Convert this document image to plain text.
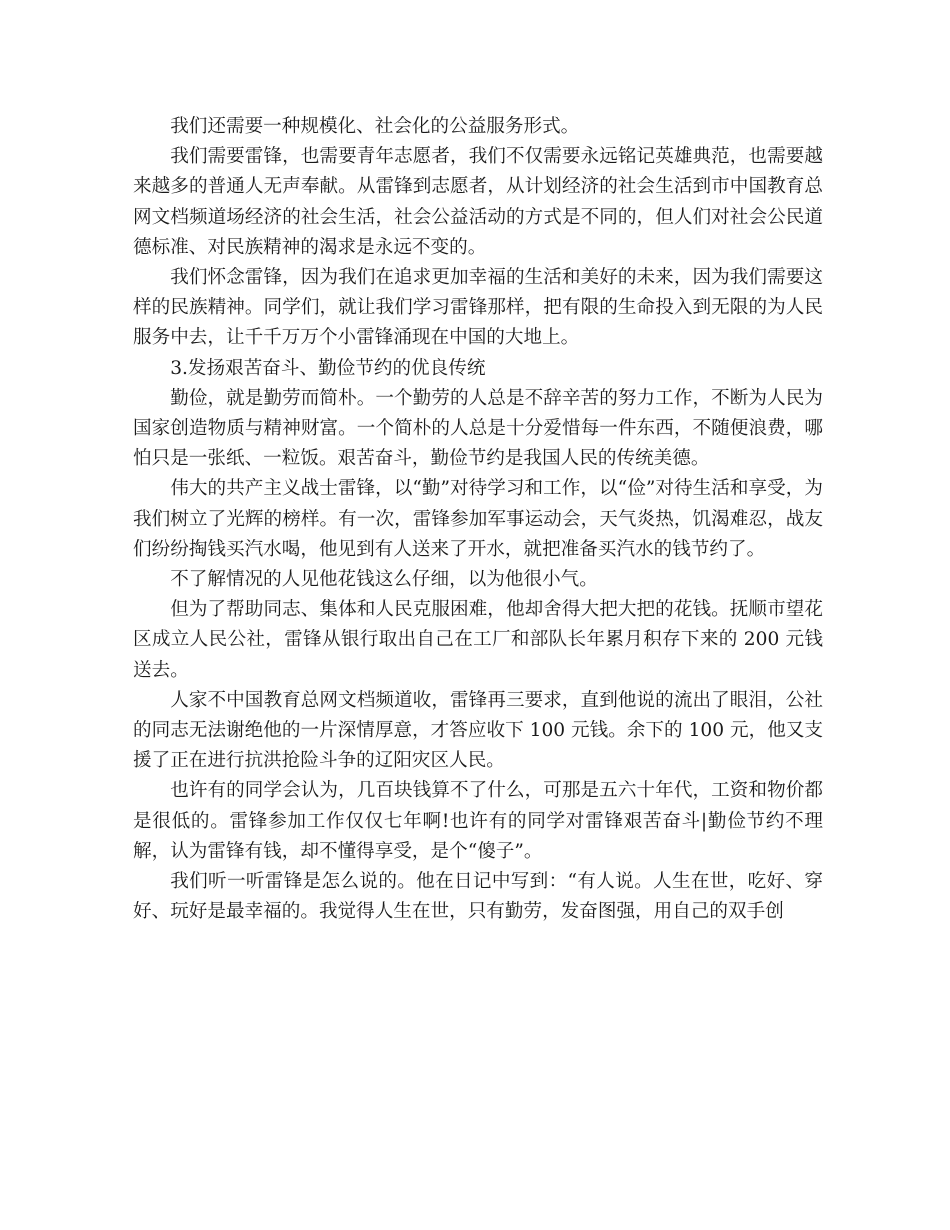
我们还需要一种规模化、社会化的公益服务形式。

我们需要雷锋，也需要青年志愿者，我们不仅需要永远铭记英雄典范，也需要越来越多的普通人无声奉献。从雷锋到志愿者，从计划经济的社会生活到市中国教育总网文档频道场经济的社会生活，社会公益活动的方式是不同的，但人们对社会公民道德标准、对民族精神的渴求是永远不变的。

我们怀念雷锋，因为我们在追求更加幸福的生活和美好的未来，因为我们需要这样的民族精神。同学们，就让我们学习雷锋那样，把有限的生命投入到无限的为人民服务中去，让千千万万个小雷锋涌现在中国的大地上。

3.发扬艰苦奋斗、勤俭节约的优良传统

勤俭，就是勤劳而简朴。一个勤劳的人总是不辞辛苦的努力工作，不断为人民为国家创造物质与精神财富。一个简朴的人总是十分爱惜每一件东西，不随便浪费，哪怕只是一张纸、一粒饭。艰苦奋斗，勤俭节约是我国人民的传统美德。

伟大的共产主义战士雷锋，以“勤”对待学习和工作，以“俭”对待生活和享受，为我们树立了光辉的榜样。有一次，雷锋参加军事运动会，天气炎热，饥渴难忍，战友们纷纷掏钱买汽水喝，他见到有人送来了开水，就把准备买汽水的钱节约了。

不了解情况的人见他花钱这么仔细，以为他很小气。

但为了帮助同志、集体和人民克服困难，他却舍得大把大把的花钱。抚顺市望花区成立人民公社，雷锋从银行取出自己在工厂和部队长年累月积存下来的 200 元钱送去。

人家不中国教育总网文档频道收，雷锋再三要求，直到他说的流出了眼泪，公社的同志无法谢绝他的一片深情厚意，才答应收下 100 元钱。余下的 100 元，他又支援了正在进行抗洪抢险斗争的辽阳灾区人民。

也许有的同学会认为，几百块钱算不了什么，可那是五六十年代，工资和物价都是很低的。雷锋参加工作仅仅七年啊!也许有的同学对雷锋艰苦奋斗|勤俭节约不理解，认为雷锋有钱，却不懂得享受，是个“傻子”。

我们听一听雷锋是怎么说的。他在日记中写到：“有人说。人生在世，吃好、穿好、玩好是最幸福的。我觉得人生在世，只有勤劳，发奋图强，用自己的双手创
